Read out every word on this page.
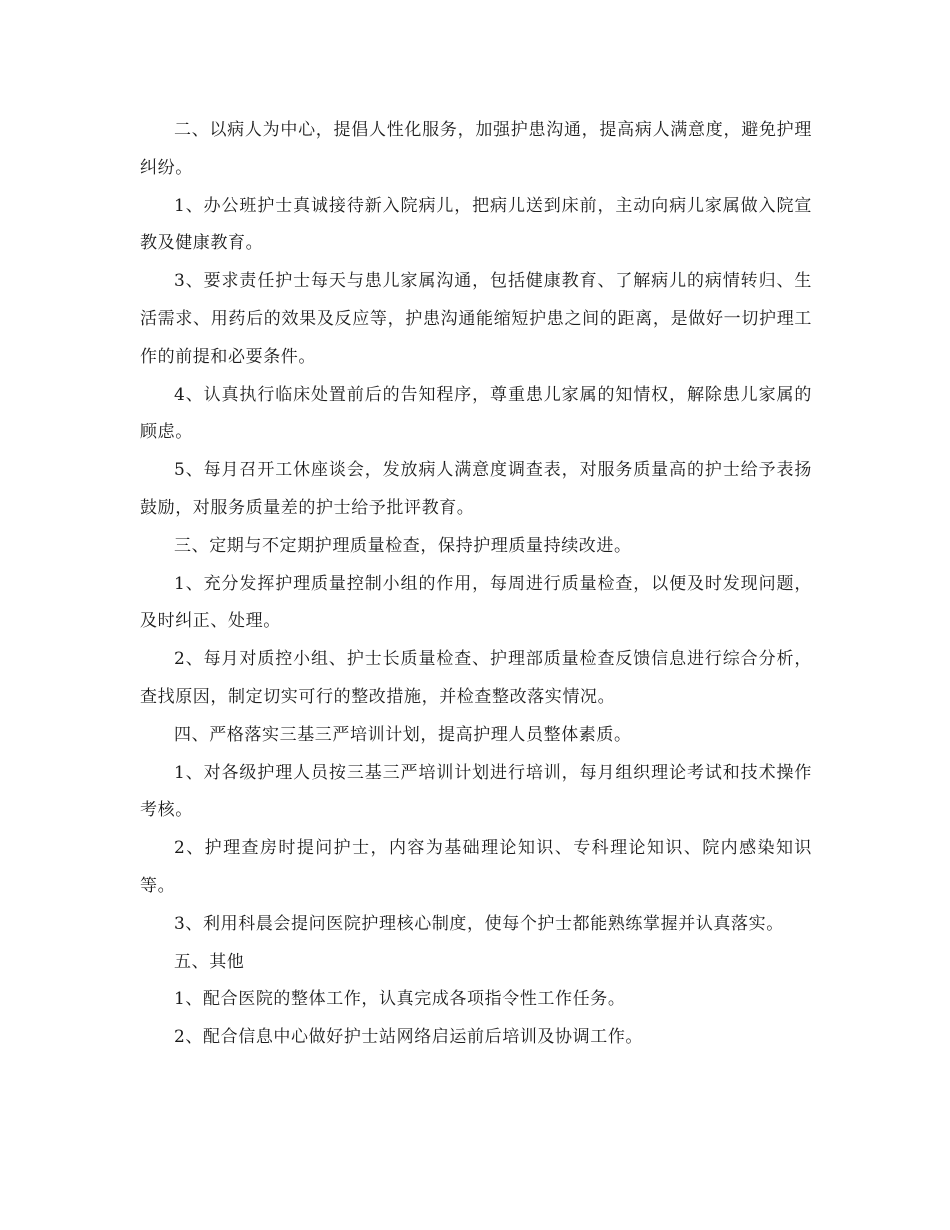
二、以病人为中心，提倡人性化服务，加强护患沟通，提高病人满意度，避免护理纠纷。

1、办公班护士真诚接待新入院病儿，把病儿送到床前，主动向病儿家属做入院宣教及健康教育。

3、要求责任护士每天与患儿家属沟通，包括健康教育、了解病儿的病情转归、生活需求、用药后的效果及反应等，护患沟通能缩短护患之间的距离，是做好一切护理工作的前提和必要条件。

4、认真执行临床处置前后的告知程序，尊重患儿家属的知情权，解除患儿家属的顾虑。

5、每月召开工休座谈会，发放病人满意度调查表，对服务质量高的护士给予表扬鼓励，对服务质量差的护士给予批评教育。

三、定期与不定期护理质量检查，保持护理质量持续改进。

1、充分发挥护理质量控制小组的作用，每周进行质量检查，以便及时发现问题，及时纠正、处理。

2、每月对质控小组、护士长质量检查、护理部质量检查反馈信息进行综合分析，查找原因，制定切实可行的整改措施，并检查整改落实情况。

四、严格落实三基三严培训计划，提高护理人员整体素质。

1、对各级护理人员按三基三严培训计划进行培训，每月组织理论考试和技术操作考核。

2、护理查房时提问护士，内容为基础理论知识、专科理论知识、院内感染知识等。

3、利用科晨会提问医院护理核心制度，使每个护士都能熟练掌握并认真落实。

五、其他

1、配合医院的整体工作，认真完成各项指令性工作任务。

2、配合信息中心做好护士站网络启运前后培训及协调工作。
